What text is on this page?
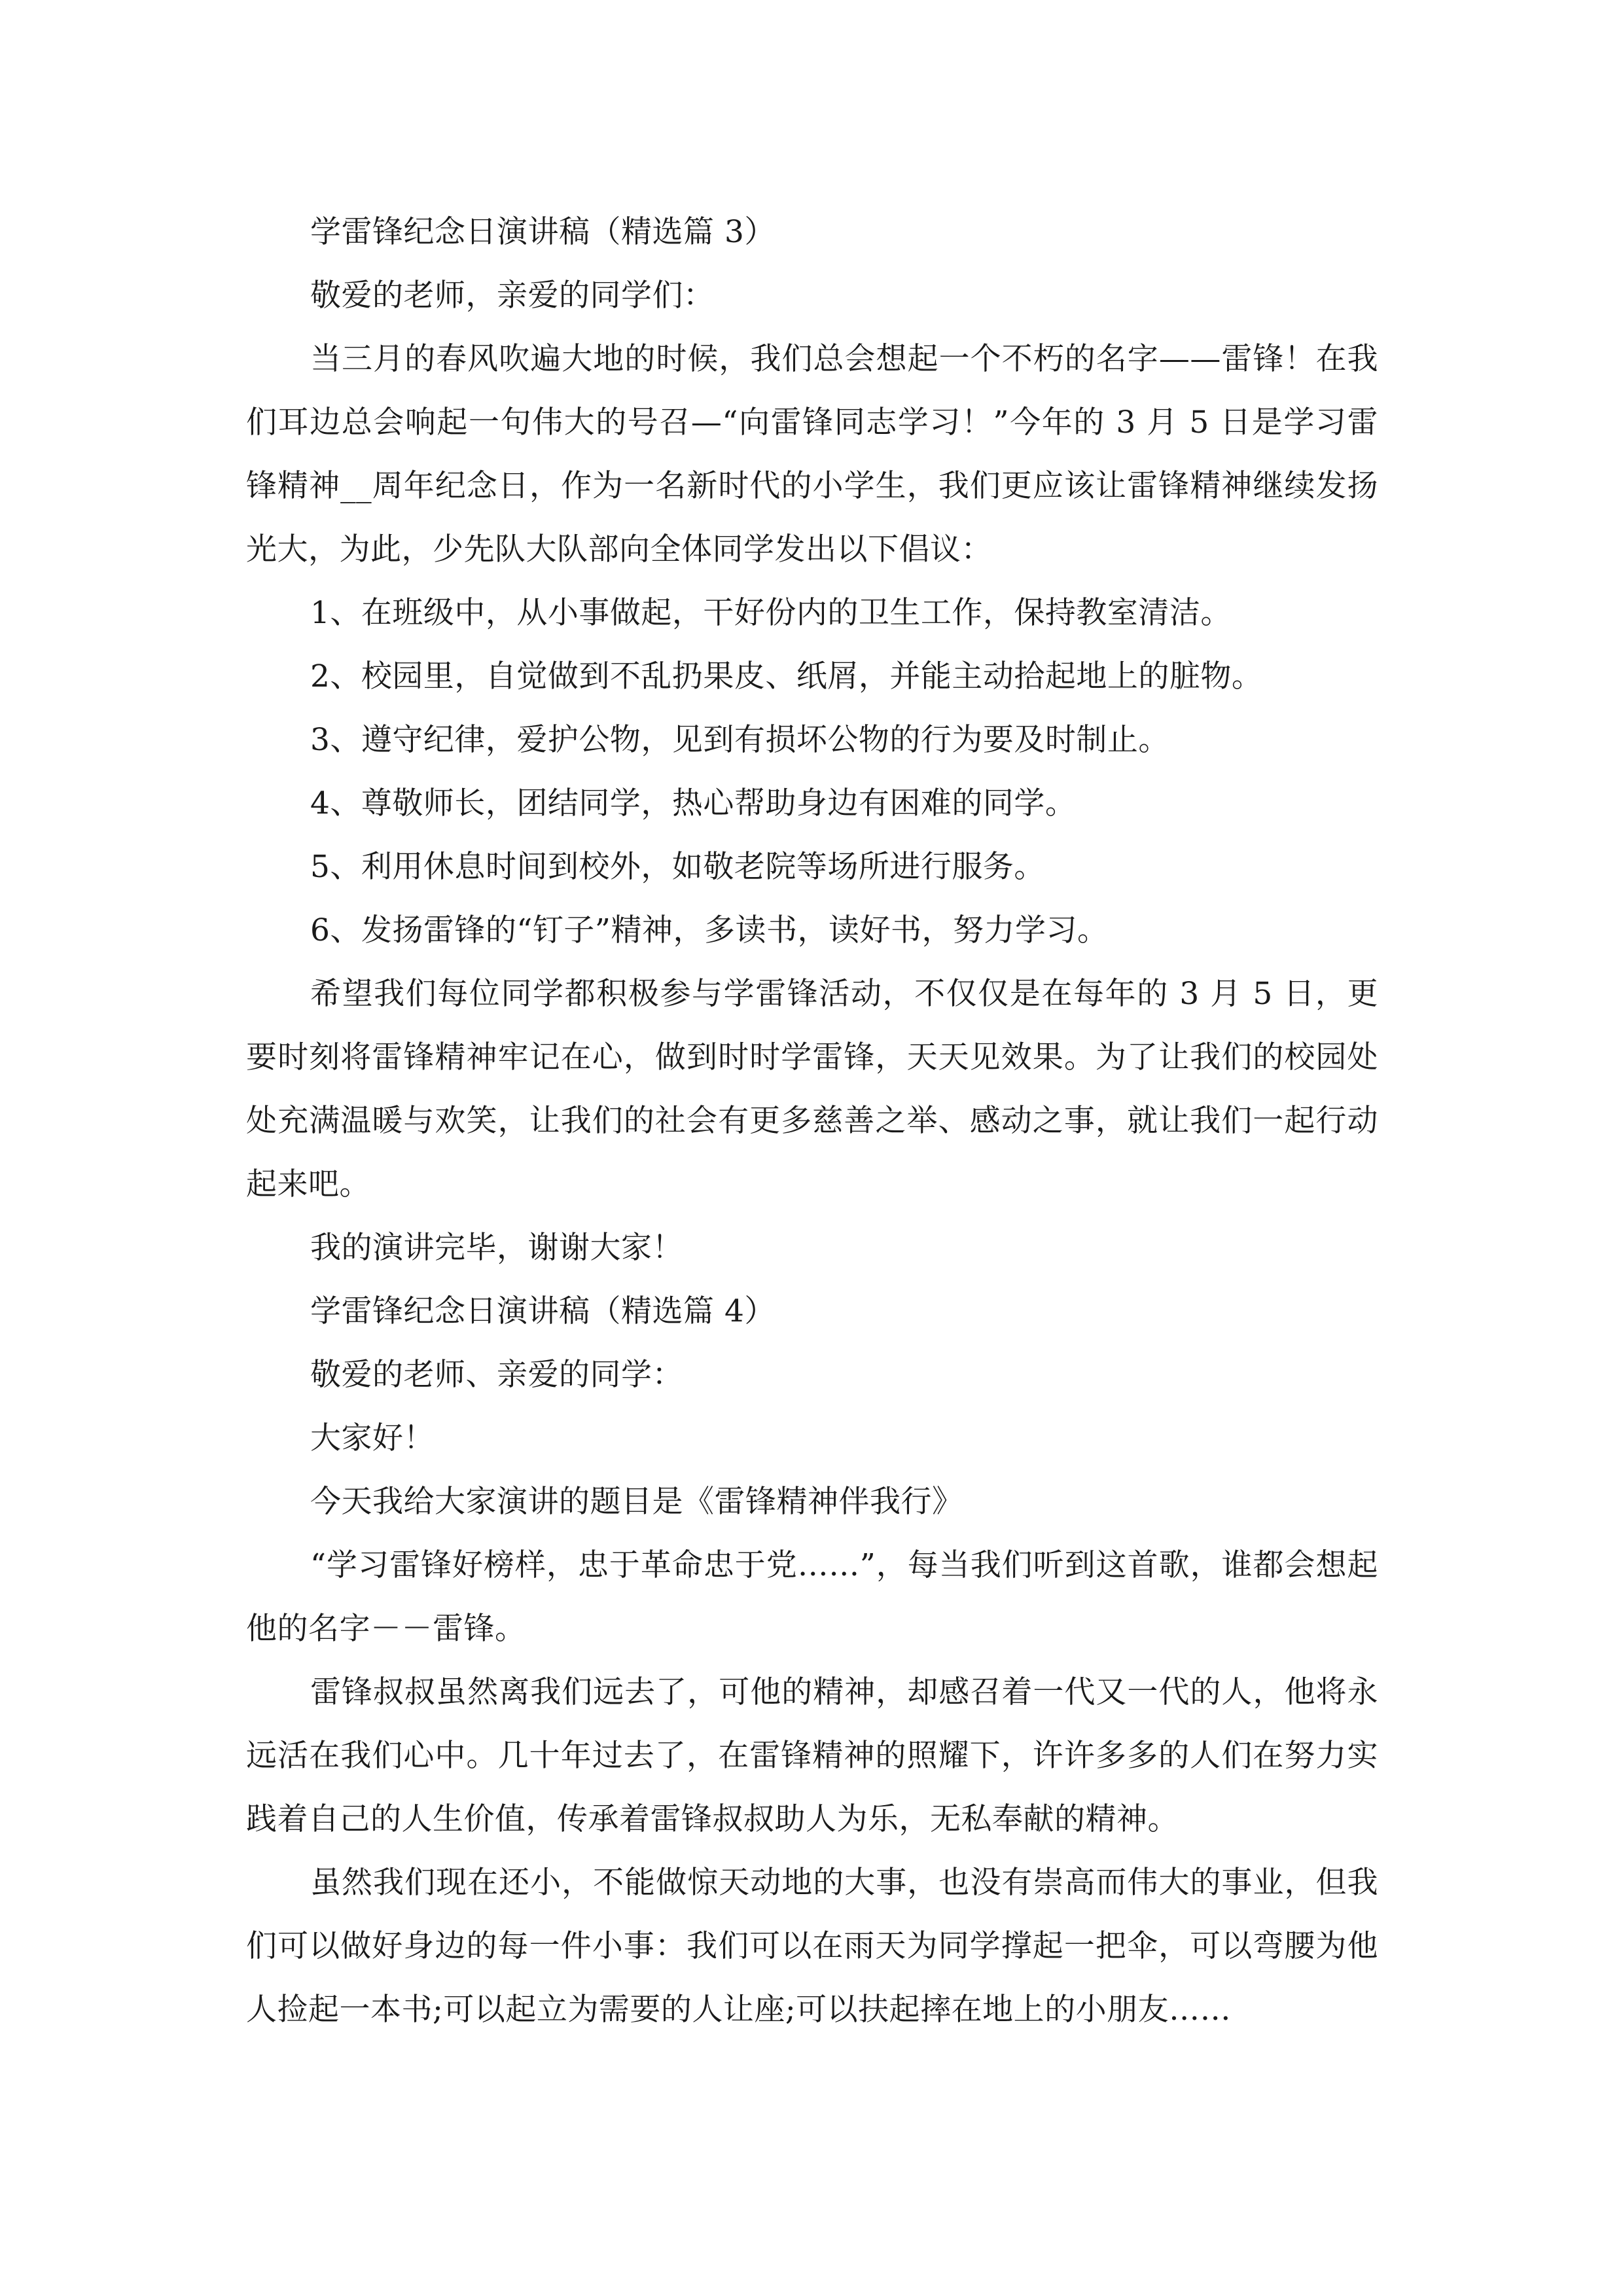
学雷锋纪念日演讲稿（精选篇 3）
敬爱的老师，亲爱的同学们：

当三月的春风吹遍大地的时候，我们总会想起一个不朽的名字——雷锋！在我们耳边总会响起一句伟大的号召—“向雷锋同志学习！”今年的 3 月 5 日是学习雷锋精神__周年纪念日，作为一名新时代的小学生，我们更应该让雷锋精神继续发扬光大，为此，少先队大队部向全体同学发出以下倡议：

1、在班级中，从小事做起，干好份内的卫生工作，保持教室清洁。
2、校园里，自觉做到不乱扔果皮、纸屑，并能主动拾起地上的脏物。
3、遵守纪律，爱护公物，见到有损坏公物的行为要及时制止。
4、尊敬师长，团结同学，热心帮助身边有困难的同学。
5、利用休息时间到校外，如敬老院等场所进行服务。
6、发扬雷锋的“钉子”精神，多读书，读好书，努力学习。

希望我们每位同学都积极参与学雷锋活动，不仅仅是在每年的 3 月 5 日，更要时刻将雷锋精神牢记在心，做到时时学雷锋，天天见效果。为了让我们的校园处处充满温暖与欢笑，让我们的社会有更多慈善之举、感动之事，就让我们一起行动起来吧。

我的演讲完毕，谢谢大家！
学雷锋纪念日演讲稿（精选篇 4）
敬爱的老师、亲爱的同学：
大家好！
今天我给大家演讲的题目是《雷锋精神伴我行》

“学习雷锋好榜样，忠于革命忠于党……”，每当我们听到这首歌，谁都会想起他的名字－－雷锋。

雷锋叔叔虽然离我们远去了，可他的精神，却感召着一代又一代的人，他将永远活在我们心中。几十年过去了，在雷锋精神的照耀下，许许多多的人们在努力实践着自己的人生价值，传承着雷锋叔叔助人为乐，无私奉献的精神。

虽然我们现在还小，不能做惊天动地的大事，也没有崇高而伟大的事业，但我们可以做好身边的每一件小事：我们可以在雨天为同学撑起一把伞，可以弯腰为他人捡起一本书;可以起立为需要的人让座;可以扶起摔在地上的小朋友……
